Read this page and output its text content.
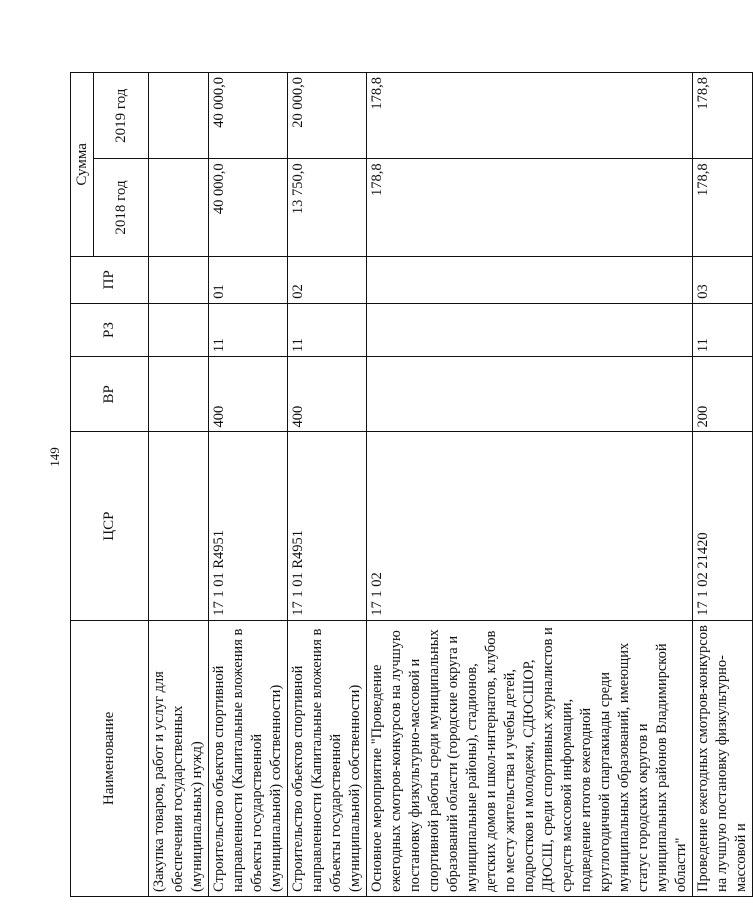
149
Наименование	ЦСР	ВР	РЗ	ПР	Сумма	
					2018 год	2019 год
(Закупка товаров, работ и услуг для обеспечения государственных (муниципальных) нужд)						
Строительство объектов спортивной направленности (Капитальные вложения в объекты государственной (муниципальной) собственности)	17 1 01 R4951	400	11	01	40 000,0	40 000,0
Строительство объектов спортивной направленности (Капитальные вложения в объекты государственной (муниципальной) собственности)	17 1 01 R4951	400	11	02	13 750,0	20 000,0
Основное мероприятие "Проведение ежегодных смотров-конкурсов на лучшую постановку физкультурно-массовой и спортивной работы среди муниципальных образований области (городские округа и муниципальные районы), стадионов, детских домов и школ-интернатов, клубов по месту жительства и учебы детей, подростков и молодежи, СДЮСШОР, ДЮСШ, среди спортивных журналистов и средств массовой информации, подведение итогов ежегодной круглогодичной спартакиады среди муниципальных образований, имеющих статус городских округов и муниципальных районов Владимирской области"	17 1 02				178,8	178,8
Проведение ежегодных смотров-конкурсов на лучшую постановку физкультурно-массовой и	17 1 02 21420	200	11	03	178,8	178,8
